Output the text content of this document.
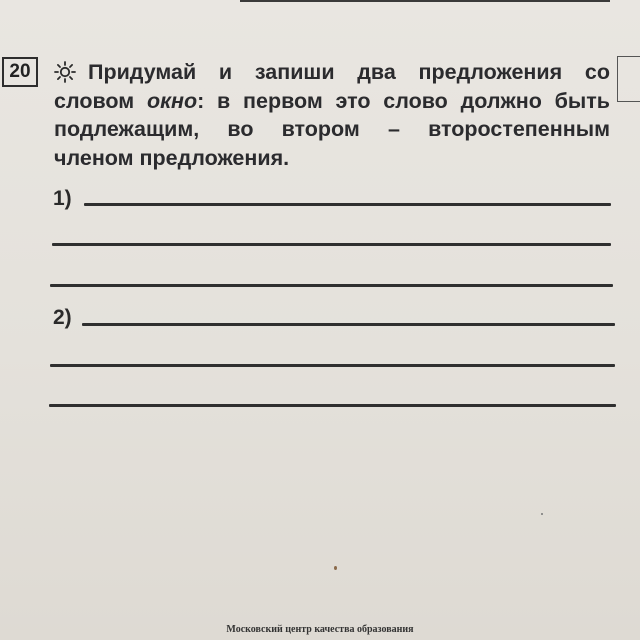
20	Придумай и запиши два предложения со
словом окно: в первом это слово должно быть
подлежащим, во втором – второстепенным
членом предложения.
1)
2)
Московский центр качества образования
